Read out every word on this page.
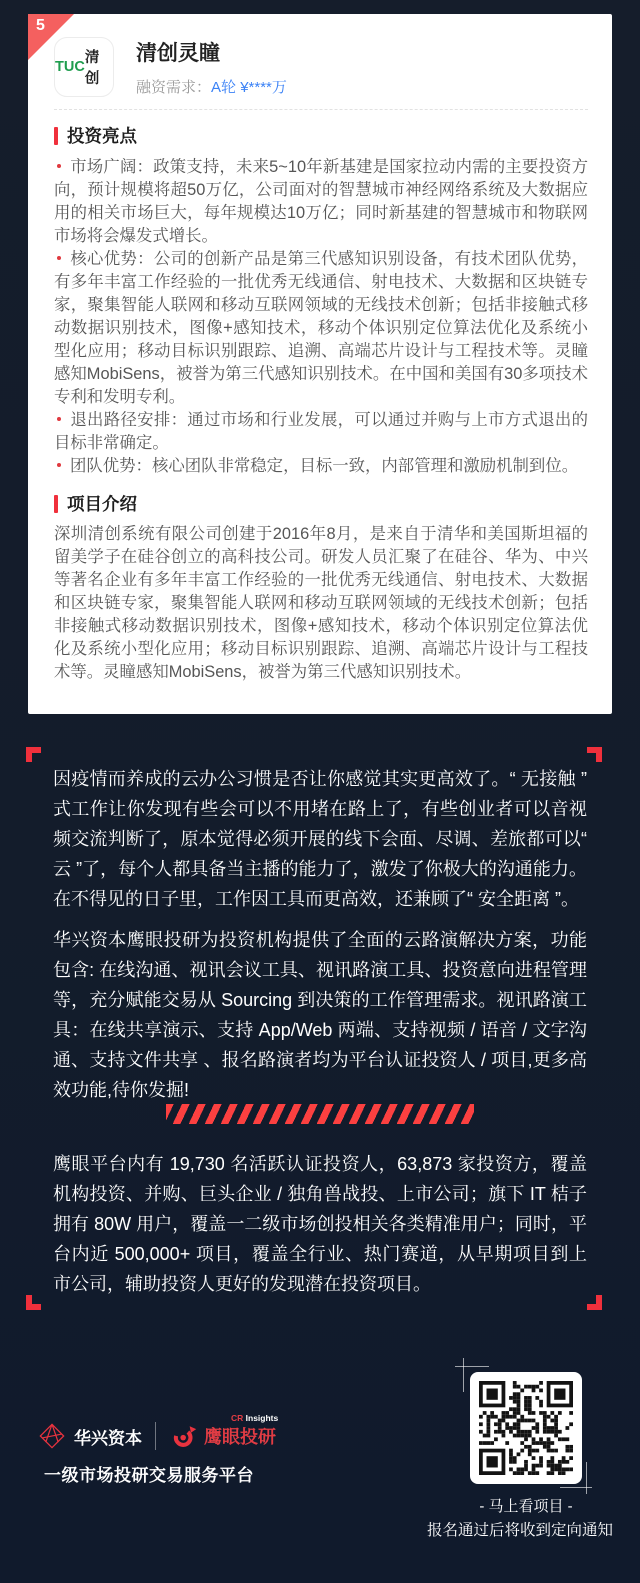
5
TUC
清创
清创灵瞳
融资需求：A轮 ¥****万
投资亮点

市场广阔：政策支持，未来5~10年新基建是国家拉动内需的主要投资方向，预计规模将超50万亿，公司面对的智慧城市神经网络系统及大数据应用的相关市场巨大，每年规模达10万亿；同时新基建的智慧城市和物联网市场将会爆发式增长。

核心优势：公司的创新产品是第三代感知识别设备，有技术团队优势，有多年丰富工作经验的一批优秀无线通信、射电技术、大数据和区块链专家，聚集智能人联网和移动互联网领域的无线技术创新；包括非接触式移动数据识别技术，图像+感知技术，移动个体识别定位算法优化及系统小型化应用；移动目标识别跟踪、追溯、高端芯片设计与工程技术等。灵瞳感知MobiSens，被誉为第三代感知识别技术。在中国和美国有30多项技术专利和发明专利。

退出路径安排：通过市场和行业发展，可以通过并购与上市方式退出的目标非常确定。

团队优势：核心团队非常稳定，目标一致，内部管理和激励机制到位。

项目介绍

深圳清创系统有限公司创建于2016年8月，是来自于清华和美国斯坦福的留美学子在硅谷创立的高科技公司。研发人员汇聚了在硅谷、华为、中兴等著名企业有多年丰富工作经验的一批优秀无线通信、射电技术、大数据和区块链专家，聚集智能人联网和移动互联网领域的无线技术创新；包括非接触式移动数据识别技术，图像+感知技术，移动个体识别定位算法优化及系统小型化应用；移动目标识别跟踪、追溯、高端芯片设计与工程技术等。灵瞳感知MobiSens，被誉为第三代感知识别技术。

因疫情而养成的云办公习惯是否让你感觉其实更高效了。“ 无接触 ” 式工作让你发现有些会可以不用堵在路上了，有些创业者可以音视频交流判断了，原本觉得必须开展的线下会面、尽调、差旅都可以“ 云 ”了，每个人都具备当主播的能力了，激发了你极大的沟通能力。在不得见的日子里，工作因工具而更高效，还兼顾了“ 安全距离 ”。

华兴资本鹰眼投研为投资机构提供了全面的云路演解决方案，功能包含: 在线沟通、视讯会议工具、视讯路演工具、投资意向进程管理等，充分赋能交易从 Sourcing 到决策的工作管理需求。视讯路演工具：在线共享演示、支持 App/Web 两端、支持视频 / 语音 / 文字沟通、支持文件共享 、报名路演者均为平台认证投资人 / 项目,更多高效功能,待你发掘!

鹰眼平台内有 19,730 名活跃认证投资人，63,873 家投资方，覆盖机构投资、并购、巨头企业 / 独角兽战投、上市公司；旗下 IT 桔子拥有 80W 用户，覆盖一二级市场创投相关各类精准用户；同时，平台内近 500,000+ 项目，覆盖全行业、热门赛道，从早期项目到上市公司，辅助投资人更好的发现潜在投资项目。

华兴资本
CR Insights
鹰眼投研
一级市场投研交易服务平台
- 马上看项目 -
报名通过后将收到定向通知
